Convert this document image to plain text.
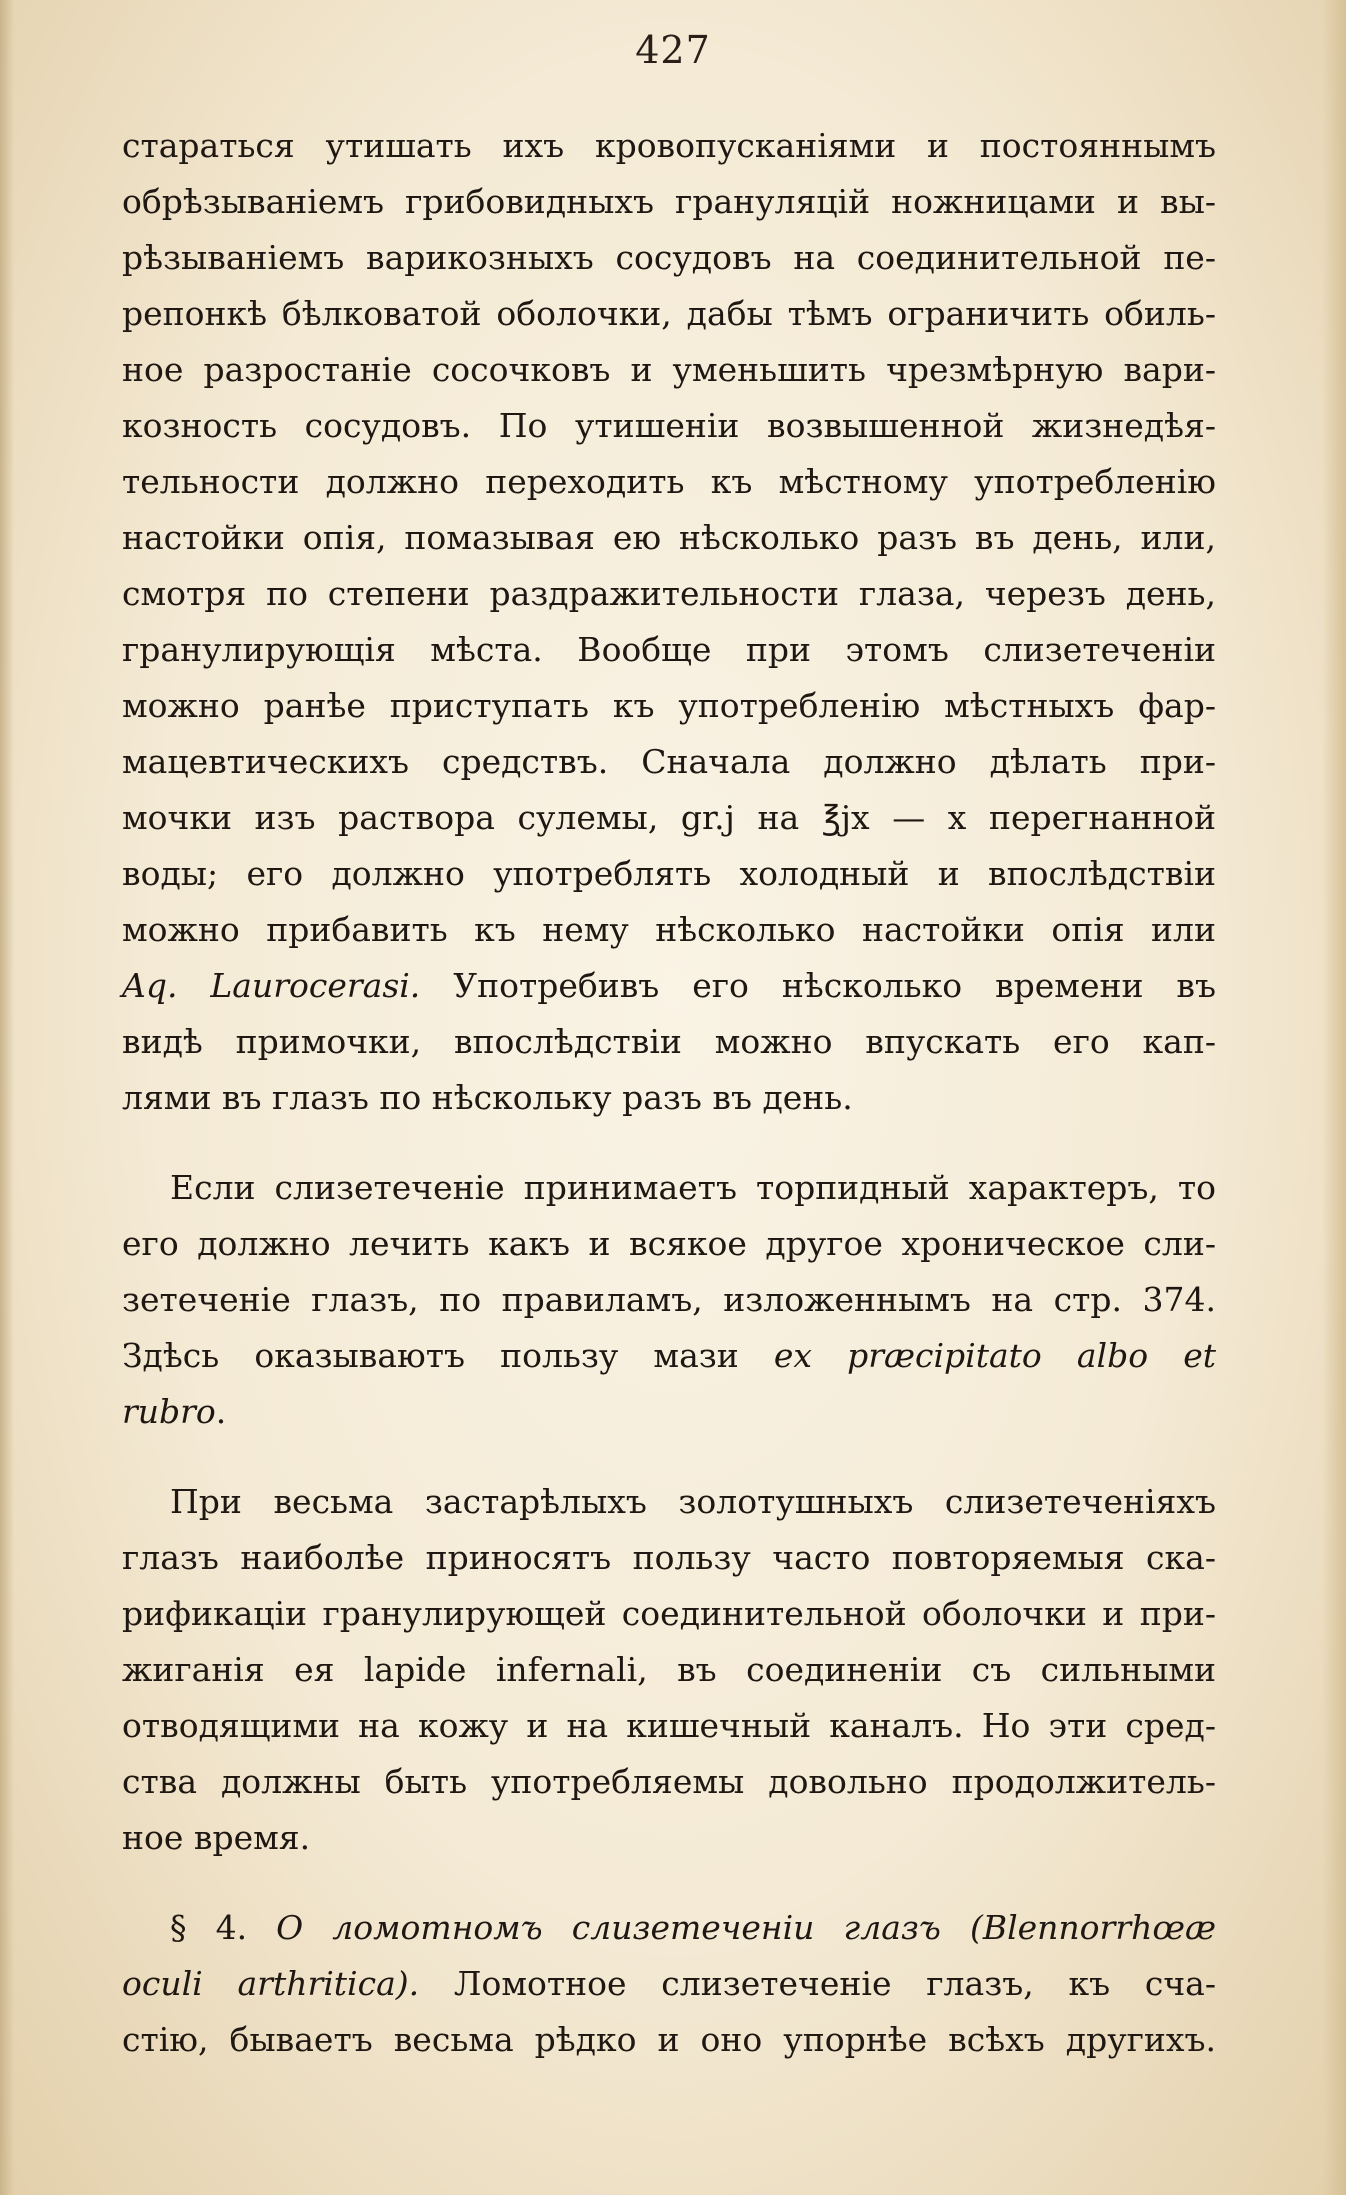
427
стараться утишать ихъ кровопусканіями и постояннымъ
обрѣзываніемъ грибовидныхъ грануляцій ножницами и вы-
рѣзываніемъ варикозныхъ сосудовъ на соединительной пе-
репонкѣ бѣлковатой оболочки, дабы тѣмъ ограничить обиль-
ное разростаніе сосочковъ и уменьшить чрезмѣрную вари-
козность сосудовъ. По утишеніи возвышенной жизнедѣя-
тельности должно переходить къ мѣстному употребленію
настойки опія, помазывая ею нѣсколько разъ въ день, или,
смотря по степени раздражительности глаза, черезъ день,
гранулирующія мѣста. Вообще при этомъ слизетеченіи
можно ранѣе приступать къ употребленію мѣстныхъ фар-
мацевтическихъ средствъ. Сначала должно дѣлать при-
мочки изъ раствора сулемы, gr.j на ℥jx — x перегнанной
воды; его должно употреблять холодный и впослѣдствіи
можно прибавить къ нему нѣсколько настойки опія или
Aq. Laurocerasi. Употребивъ его нѣсколько времени въ
видѣ примочки, впослѣдствіи можно впускать его кап-
лями въ глазъ по нѣскольку разъ въ день.
Если слизетеченіе принимаетъ торпидный характеръ, то
его должно лечить какъ и всякое другое хроническое сли-
зетеченіе глазъ, по правиламъ, изложеннымъ на стр. 374.
Здѣсь оказываютъ пользу мази ex præcipitato albo et
rubro.
При весьма застарѣлыхъ золотушныхъ слизетеченіяхъ
глазъ наиболѣе приносятъ пользу часто повторяемыя ска-
рификаціи гранулирующей соединительной оболочки и при-
жиганія ея lapide infernali, въ соединеніи съ сильными
отводящими на кожу и на кишечный каналъ. Но эти сред-
ства должны быть употребляемы довольно продолжитель-
ное время.
§ 4. О ломотномъ слизетеченіи глазъ (Blennorrhœæ
oculi arthritica). Ломотное слизетеченіе глазъ, къ сча-
стію, бываетъ весьма рѣдко и оно упорнѣе всѣхъ другихъ.
